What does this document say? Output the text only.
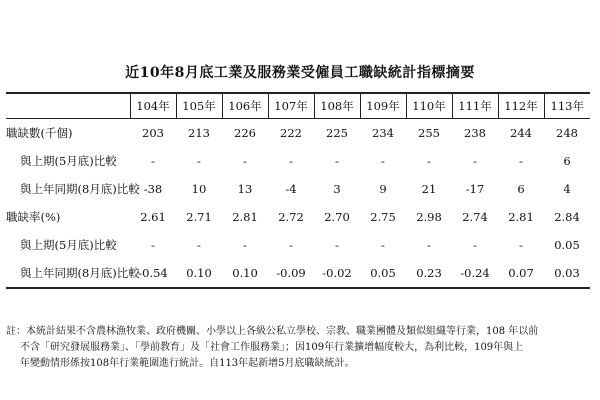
近10年8月底工業及服務業受僱員工職缺統計指標摘要
	104年	105年	106年	107年	108年	109年	110年	111年	112年	113年
職缺數(千個)	203	213	226	222	225	234	255	238	244	248
與上期(5月底)比較	-	-	-	-	-	-	-	-	-	6
與上年同期(8月底)比較	-38	10	13	-4	3	9	21	-17	6	4
職缺率(%)	2.61	2.71	2.81	2.72	2.70	2.75	2.98	2.74	2.81	2.84
與上期(5月底)比較	-	-	-	-	-	-	-	-	-	0.05
與上年同期(8月底)比較	-0.54	0.10	0.10	-0.09	-0.02	0.05	0.23	-0.24	0.07	0.03
註：本統計結果不含農林漁牧業、政府機關、小學以上各級公私立學校、宗教、職業團體及類似組織等行業，108 年以前
不含「研究發展服務業」、「學前教育」及「社會工作服務業」；因109年行業擴增幅度較大，為利比較，109年與上
年變動情形係按108年行業範圍進行統計。自113年起新增5月底職缺統計。
